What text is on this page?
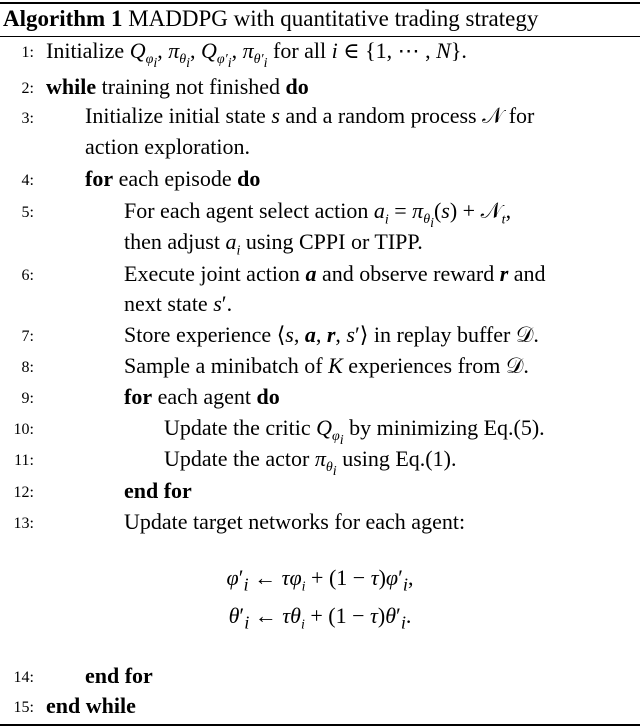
Algorithm 1 MADDPG with quantitative trading strategy
1: Initialize $Q_{\varphi_i}$, $\pi_{\theta_i}$, $Q_{\varphi'_i}$, $\pi_{\theta'_i}$ for all i ∈ {1, ⋯ , N}.
2: while training not finished do
3: Initialize initial state s and a random process 𝒩 for
action exploration.
4: for each episode do
5:	For each agent select action $a_i = \pi_{\theta_i}(s)$ + 𝒩$_t$,
then adjust $a_i$ using CPPI or TIPP.
6:	Execute joint action a and observe reward r and
next state s′.
7:	Store experience ⟨s, a, r, s′⟩ in replay buffer 𝒟.
8:	Sample a minibatch of K experiences from 𝒟.
9:	for each agent do
10:	Update the critic $Q_{\varphi_i}$ by minimizing Eq.(5).
11:	Update the actor $\pi_{\theta_i}$ using Eq.(1).
12:	end for
13:	Update target networks for each agent:
$\varphi'_i$ ← $\tau\varphi_i + (1 - \tau)\varphi'_i$,
$\theta'_i$ ← $\tau\theta_i + (1 - \tau)\theta'_i$.
14: end for
15: end while
